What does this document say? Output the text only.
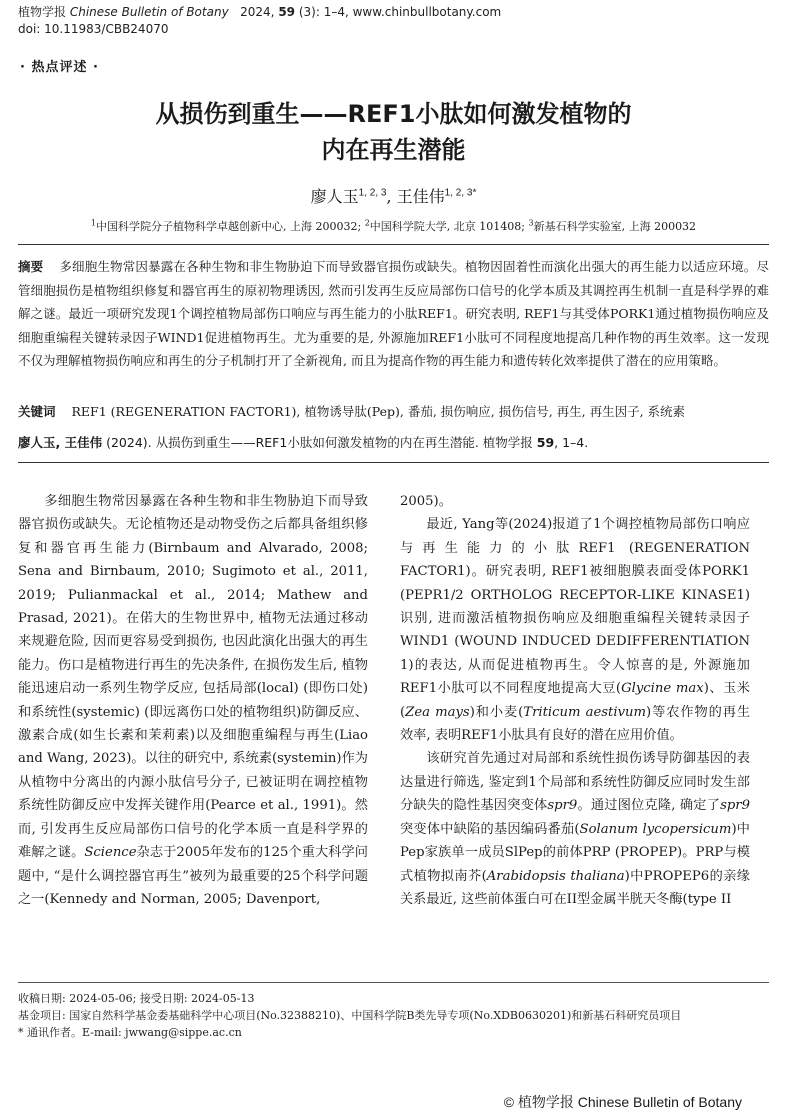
植物学报 Chinese Bulletin of Botany 2024, 59 (3): 1–4, www.chinbullbotany.com
doi: 10.11983/CBB24070
· 热点评述 ·
从损伤到重生——REF1小肽如何激发植物的
内在再生潜能
廖人玉$^{1, 2, 3}$, 王佳伟$^{1, 2, 3*}$
$^1$中国科学院分子植物科学卓越创新中心, 上海 200032; $^2$中国科学院大学, 北京 101408; $^3$新基石科学实验室, 上海 200032
摘要 多细胞生物常因暴露在各种生物和非生物胁迫下而导致器官损伤或缺失。植物因固着性而演化出强大的再生能力以适应环境。尽管细胞损伤是植物组织修复和器官再生的原初物理诱因, 然而引发再生反应局部伤口信号的化学本质及其调控再生机制一直是科学界的难解之谜。最近一项研究发现1个调控植物局部伤口响应与再生能力的小肽REF1。研究表明, REF1与其受体PORK1通过植物损伤响应及细胞重编程关键转录因子WIND1促进植物再生。尤为重要的是, 外源施加REF1小肽可不同程度地提高几种作物的再生效率。这一发现不仅为理解植物损伤响应和再生的分子机制打开了全新视角, 而且为提高作物的再生能力和遗传转化效率提供了潜在的应用策略。
关键词 REF1 (REGENERATION FACTOR1), 植物诱导肽(Pep), 番茄, 损伤响应, 损伤信号, 再生, 再生因子, 系统素
廖人玉, 王佳伟 (2024). 从损伤到重生——REF1小肽如何激发植物的内在再生潜能. 植物学报 59, 1–4.

多细胞生物常因暴露在各种生物和非生物胁迫下而导致器官损伤或缺失。无论植物还是动物受伤之后都具备组织修复和器官再生能力(Birnbaum and Alvarado, 2008; Sena and Birnbaum, 2010; Sugimoto et al., 2011, 2019; Pulianmackal et al., 2014; Mathew and Prasad, 2021)。在偌大的生物世界中, 植物无法通过移动来规避危险, 因而更容易受到损伤, 也因此演化出强大的再生能力。伤口是植物进行再生的先决条件, 在损伤发生后, 植物能迅速启动一系列生物学反应, 包括局部(local) (即伤口处)和系统性(systemic) (即远离伤口处的植物组织)防御反应、激素合成(如生长素和茉莉素)以及细胞重编程与再生(Liao and Wang, 2023)。以往的研究中, 系统素(systemin)作为从植物中分离出的内源小肽信号分子, 已被证明在调控植物系统性防御反应中发挥关键作用(Pearce et al., 1991)。然而, 引发再生反应局部伤口信号的化学本质一直是科学界的难解之谜。Science杂志于2005年发布的125个重大科学问题中, “是什么调控器官再生”被列为最重要的25个科学问题之一(Kennedy and Norman, 2005; Davenport,

2005)。

最近, Yang等(2024)报道了1个调控植物局部伤口响应与再生能力的小肽REF1 (REGENERATION FACTOR1)。研究表明, REF1被细胞膜表面受体PORK1 (PEPR1/2 ORTHOLOG RECEPTOR-LIKE KINASE1)识别, 进而激活植物损伤响应及细胞重编程关键转录因子WIND1 (WOUND INDUCED DEDIFFERENTIATION 1)的表达, 从而促进植物再生。令人惊喜的是, 外源施加REF1小肽可以不同程度地提高大豆(Glycine max)、玉米(Zea mays)和小麦(Triticum aestivum)等农作物的再生效率, 表明REF1小肽具有良好的潜在应用价值。

该研究首先通过对局部和系统性损伤诱导防御基因的表达量进行筛选, 鉴定到1个局部和系统性防御反应同时发生部分缺失的隐性基因突变体spr9。通过图位克隆, 确定了spr9突变体中缺陷的基因编码番茄(Solanum lycopersicum)中Pep家族单一成员SlPep的前体PRP (PROPEP)。PRP与模式植物拟南芥(Arabidopsis thaliana)中PROPEP6的亲缘关系最近, 这些前体蛋白可在II型金属半胱天冬酶(type II

收稿日期: 2024-05-06; 接受日期: 2024-05-13
基金项目: 国家自然科学基金委基础科学中心项目(No.32388210)、中国科学院B类先导专项(No.XDB0630201)和新基石科研究员项目
* 通讯作者。E-mail: jwwang@sippe.ac.cn
© 植物学报 Chinese Bulletin of Botany
